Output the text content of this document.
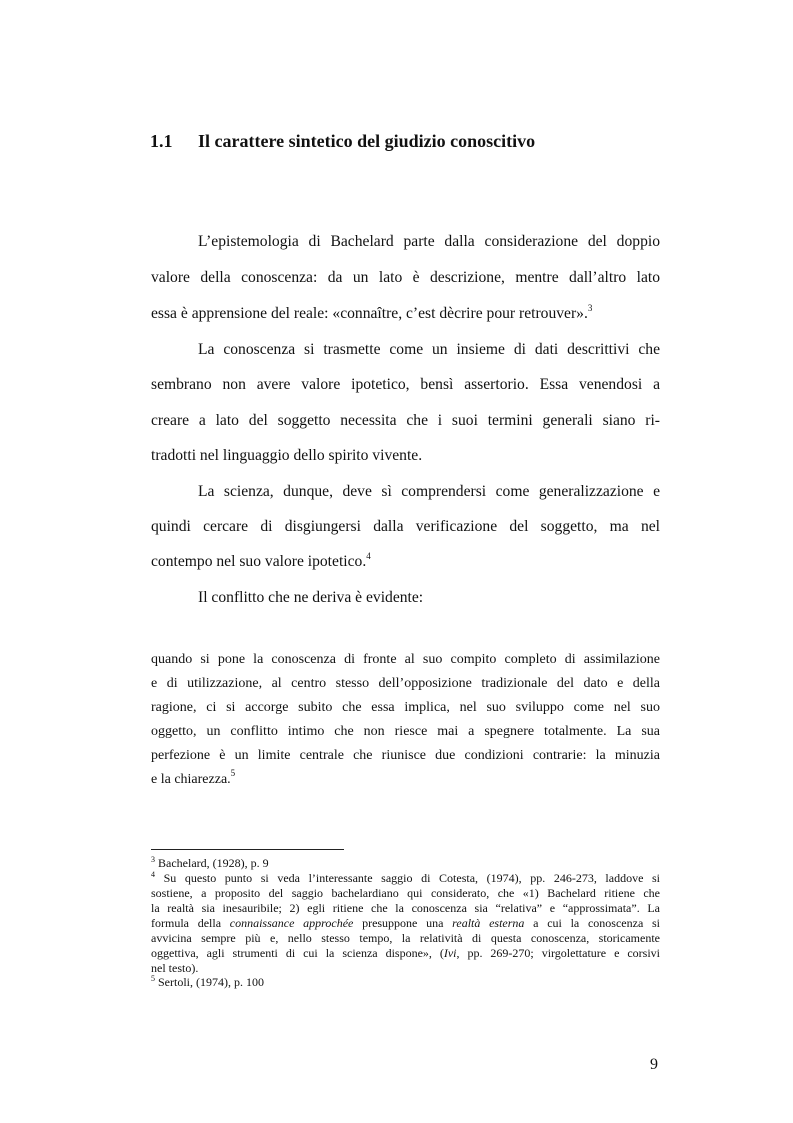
1.1 Il carattere sintetico del giudizio conoscitivo
L’epistemologia di Bachelard parte dalla considerazione del doppio
valore della conoscenza: da un lato è descrizione, mentre dall’altro lato
essa è apprensione del reale: «connaître, c’est dècrire pour retrouver».$^3$
La conoscenza si trasmette come un insieme di dati descrittivi che
sembrano non avere valore ipotetico, bensì assertorio. Essa venendosi a
creare a lato del soggetto necessita che i suoi termini generali siano ri-
tradotti nel linguaggio dello spirito vivente.
La scienza, dunque, deve sì comprendersi come generalizzazione e
quindi cercare di disgiungersi dalla verificazione del soggetto, ma nel
contempo nel suo valore ipotetico.$^4$
Il conflitto che ne deriva è evidente:
quando si pone la conoscenza di fronte al suo compito completo di assimilazione
e di utilizzazione, al centro stesso dell’opposizione tradizionale del dato e della
ragione, ci si accorge subito che essa implica, nel suo sviluppo come nel suo
oggetto, un conflitto intimo che non riesce mai a spegnere totalmente. La sua
perfezione è un limite centrale che riunisce due condizioni contrarie: la minuzia
e la chiarezza.$^5$
$^3$ Bachelard, (1928), p. 9
$^4$ Su questo punto si veda l’interessante saggio di Cotesta, (1974), pp. 246-273, laddove si
sostiene, a proposito del saggio bachelardiano qui considerato, che «1) Bachelard ritiene che
la realtà sia inesauribile; 2) egli ritiene che la conoscenza sia “relativa” e “approssimata”. La
formula della connaissance approchée presuppone una realtà esterna a cui la conoscenza si
avvicina sempre più e, nello stesso tempo, la relatività di questa conoscenza, storicamente
oggettiva, agli strumenti di cui la scienza dispone», (Ivi, pp. 269-270; virgolettature e corsivi
nel testo).
$^5$ Sertoli, (1974), p. 100
9
